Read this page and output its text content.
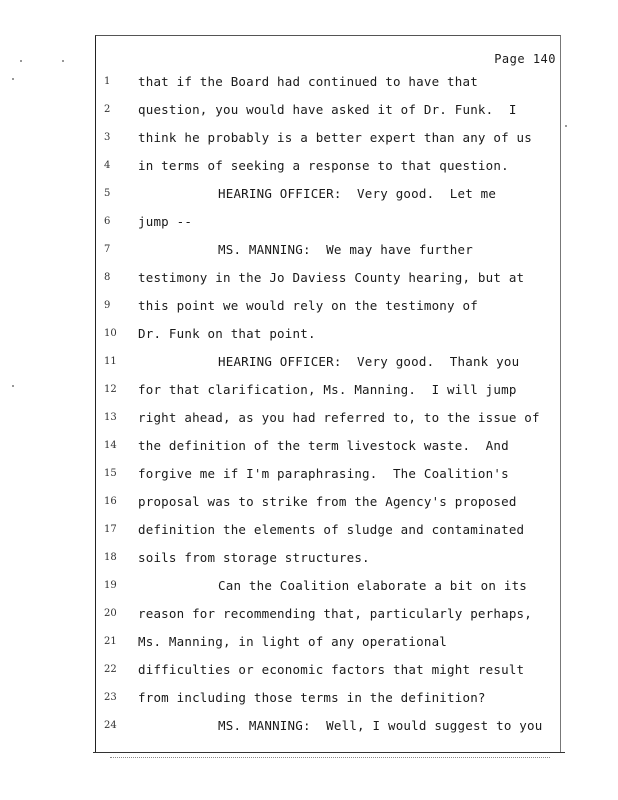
Page 140
1	that if the Board had continued to have that
2	question, you would have asked it of Dr. Funk.  I
3	think he probably is a better expert than any of us
4	in terms of seeking a response to that question.
5	HEARING OFFICER:  Very good.  Let me
6	jump --
7	MS. MANNING:  We may have further
8	testimony in the Jo Daviess County hearing, but at
9	this point we would rely on the testimony of
10	Dr. Funk on that point.
11	HEARING OFFICER:  Very good.  Thank you
12	for that clarification, Ms. Manning.  I will jump
13	right ahead, as you had referred to, to the issue of
14	the definition of the term livestock waste.  And
15	forgive me if I'm paraphrasing.  The Coalition's
16	proposal was to strike from the Agency's proposed
17	definition the elements of sludge and contaminated
18	soils from storage structures.
19	Can the Coalition elaborate a bit on its
20	reason for recommending that, particularly perhaps,
21	Ms. Manning, in light of any operational
22	difficulties or economic factors that might result
23	from including those terms in the definition?
24	MS. MANNING:  Well, I would suggest to you
